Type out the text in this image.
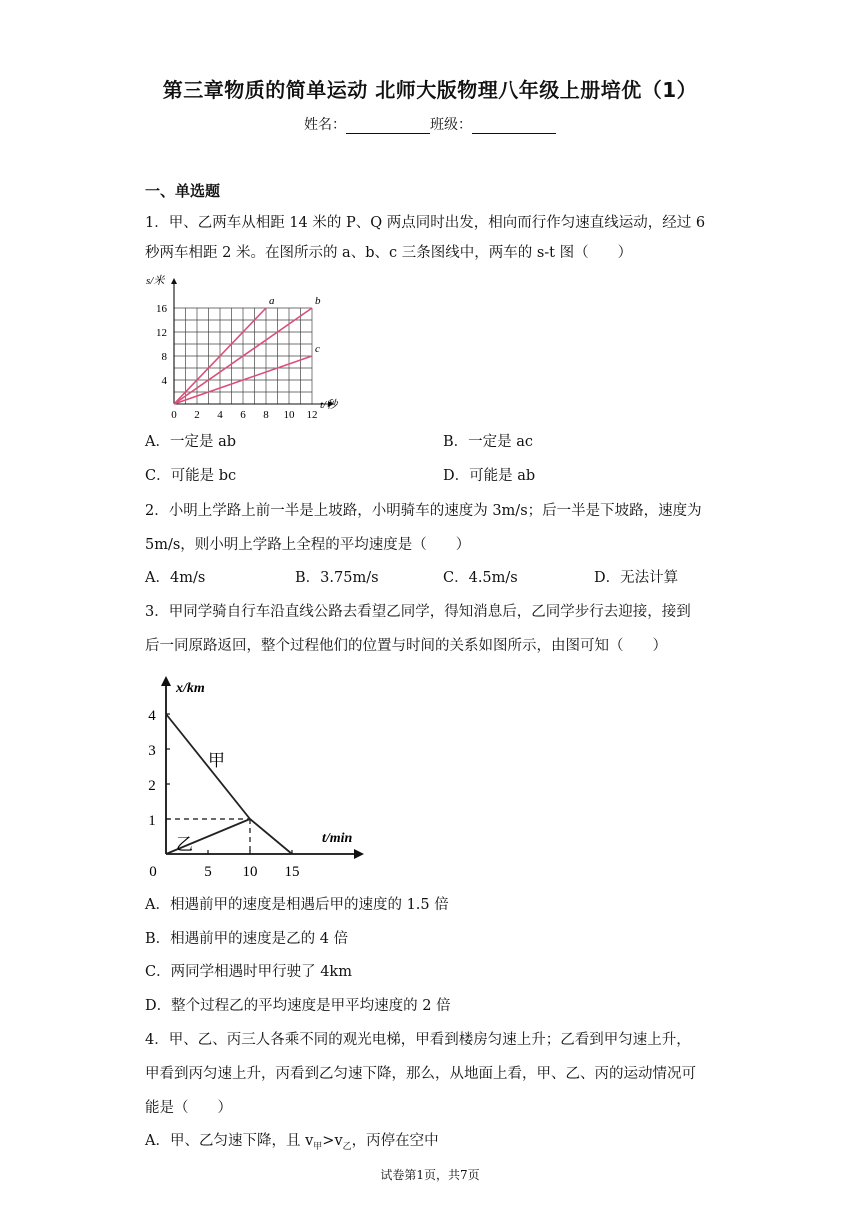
第三章物质的简单运动 北师大版物理八年级上册培优（1）
姓名：	班级：
一、单选题
1．甲、乙两车从相距 14 米的 P、Q 两点同时出发，相向而行作匀速直线运动，经过 6
秒两车相距 2 米。在图所示的 a、b、c 三条图线中，两车的 s-t 图（　　）
0 2 4 6 8 10 12
4
8
12
16
t/秒
s/米
a	b
c
A．一定是 ab	B．一定是 ac
C．可能是 bc	D．可能是 ab
2．小明上学路上前一半是上坡路，小明骑车的速度为 3m/s；后一半是下坡路，速度为
5m/s，则小明上学路上全程的平均速度是（　　）
A．4m/s	B．3.75m/s	C．4.5m/s	D．无法计算
3．甲同学骑自行车沿直线公路去看望乙同学，得知消息后，乙同学步行去迎接，接到
后一同原路返回，整个过程他们的位置与时间的关系如图所示，由图可知（　　）
0	5 10 15
1
2
3
4
x/km
t/min
甲
乙
A．相遇前甲的速度是相遇后甲的速度的 1.5 倍
B．相遇前甲的速度是乙的 4 倍
C．两同学相遇时甲行驶了 4km
D．整个过程乙的平均速度是甲平均速度的 2 倍
4．甲、乙、丙三人各乘不同的观光电梯，甲看到楼房匀速上升；乙看到甲匀速上升，
甲看到丙匀速上升，丙看到乙匀速下降，那么，从地面上看，甲、乙、丙的运动情况可
能是（　　）
A．甲、乙匀速下降，且 $v_甲>v_乙$，丙停在空中
试卷第1页，共7页
